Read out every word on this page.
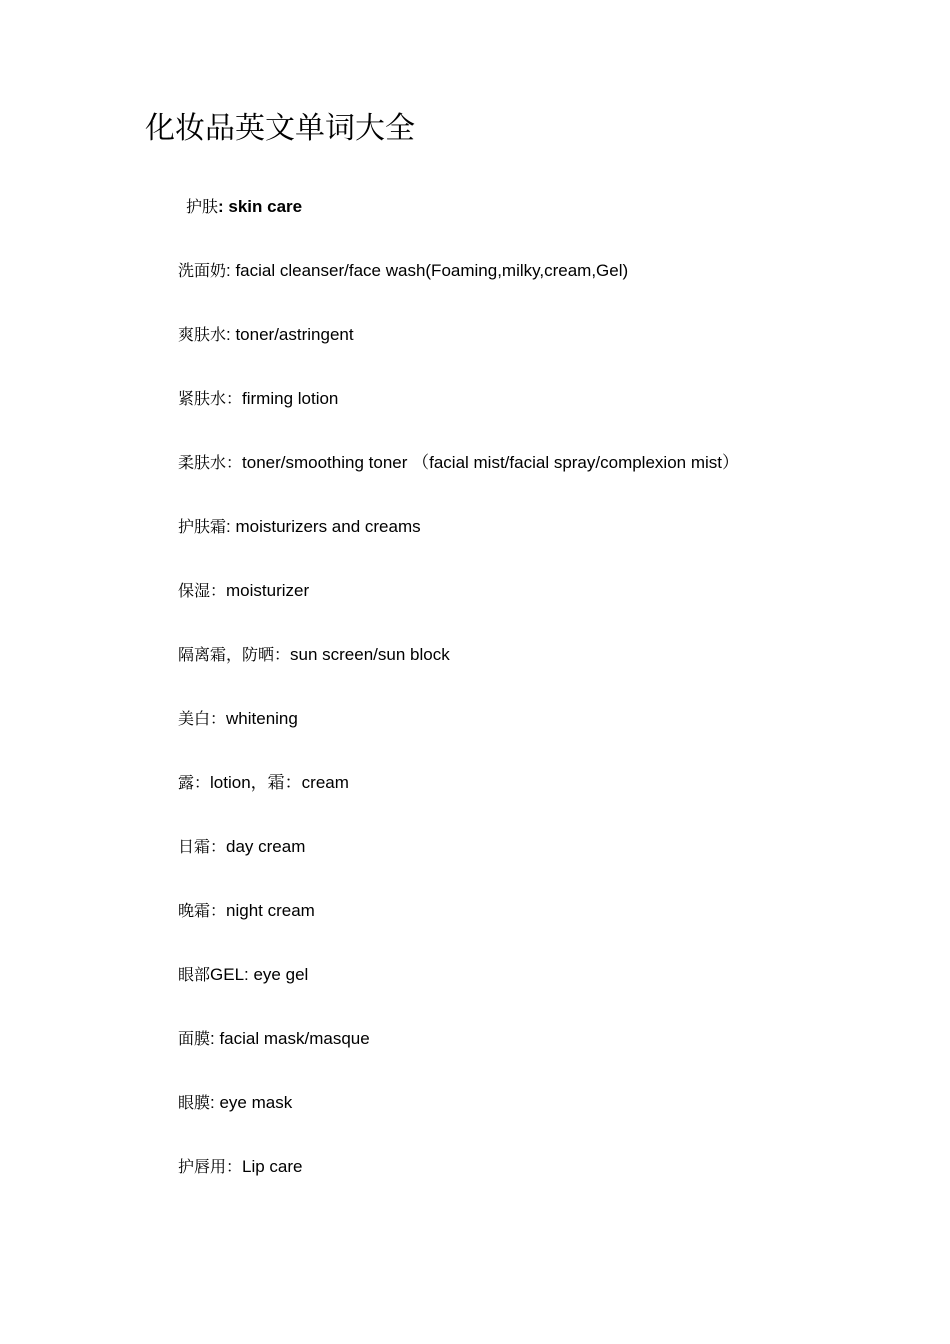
化妆品英文单词大全
护肤: skin care
洗面奶: facial cleanser/face wash(Foaming,milky,cream,Gel)
爽肤水: toner/astringent
紧肤水：firming lotion
柔肤水：toner/smoothing toner （facial mist/facial spray/complexion mist）
护肤霜: moisturizers and creams
保湿：moisturizer
隔离霜，防晒：sun screen/sun block
美白：whitening
露：lotion，霜：cream
日霜：day cream
晚霜：night cream
眼部GEL: eye gel
面膜: facial mask/masque
眼膜: eye mask
护唇用：Lip care
